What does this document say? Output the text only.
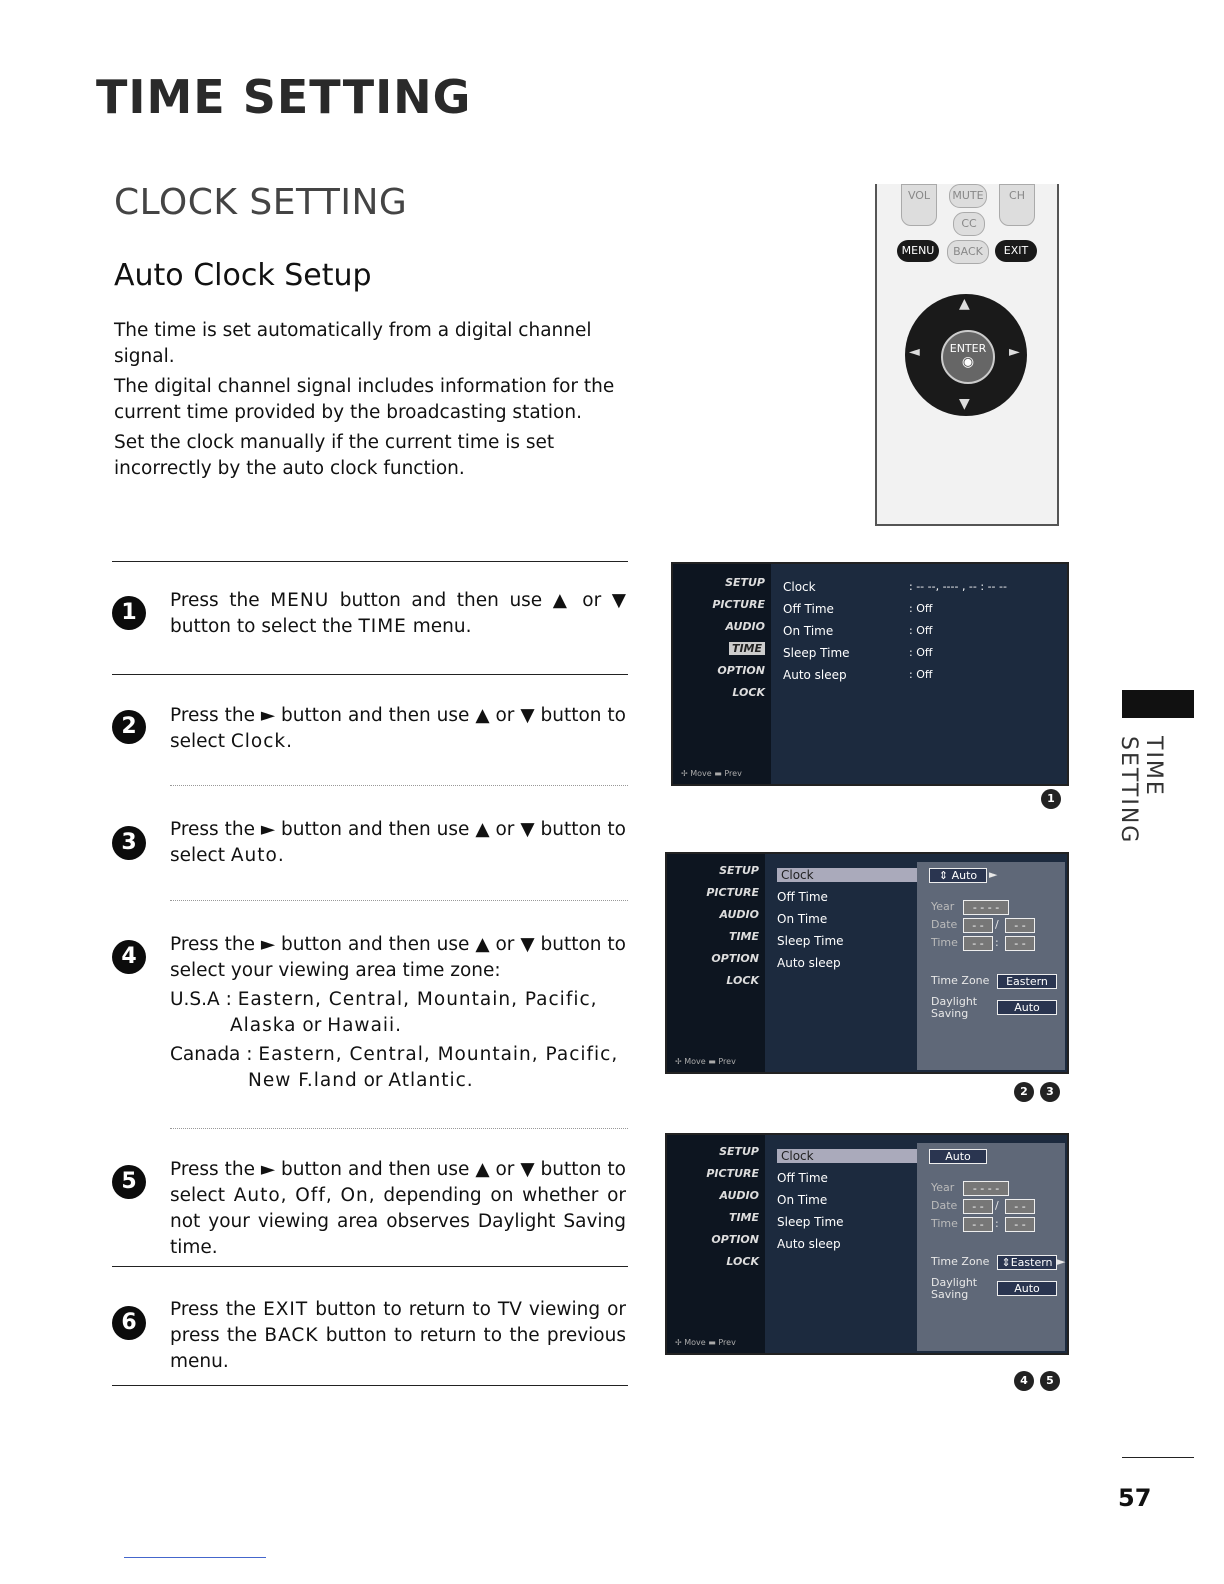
TIME SETTING
CLOCK SETTING
Auto Clock Setup

The time is set automatically from a digital channel signal.

The digital channel signal includes information for the current time provided by the broadcasting station.

Set the clock manually if the current time is set incorrectly by the auto clock function.

VOL	MUTE	CH
CC
MENU	BACK	EXIT
▲
▼
◄	►
ENTER
◉
1	Press the MENU button and then use ▲ or ▼ button to select the TIME menu.
2	Press the ► button and then use ▲ or ▼ button to select Clock.
3
Press the ► button and then use ▲ or ▼ button to select Auto.
4	Press the ► button and then use ▲ or ▼ button to select your viewing area time zone:

U.S.A : Eastern, Central, Mountain, Pacific,

Alaska or Hawaii.

Canada : Eastern, Central, Mountain, Pacific,

New F.land or Atlantic.

5	Press the ► button and then use ▲ or ▼ button to select Auto, Off, On, depending on whether or not your viewing area observes Daylight Saving time.
6
Press the EXIT button to return to TV viewing or press the BACK button to return to the previous menu.
SETUP
PICTURE
AUDIO
TIME
OPTION
LOCK
✢ Move ▬ Prev
Clock	: -- --, ---- , -- : -- --
Off Time	: Off
On Time	: Off
Sleep Time	: Off
Auto sleep	: Off
1
SETUP
PICTURE
AUDIO
TIME
OPTION
LOCK
✢ Move ▬ Prev
Clock
Off Time
On Time
Sleep Time
Auto sleep
⇕ Auto	►
Year	- - - -
Date	- -	/	- -
Time	- -	:	- -
Time Zone	Eastern
Daylight
Saving	Auto
2	3
SETUP
PICTURE
AUDIO
TIME
OPTION
LOCK
✢ Move ▬ Prev
Clock
Off Time
On Time
Sleep Time
Auto sleep
Auto
Year	- - - -
Date	- -	/	- -
Time	- -	:	- -
Time Zone	⇕Eastern ►
Daylight
Saving	Auto
4	5
TIME SETTING
57
